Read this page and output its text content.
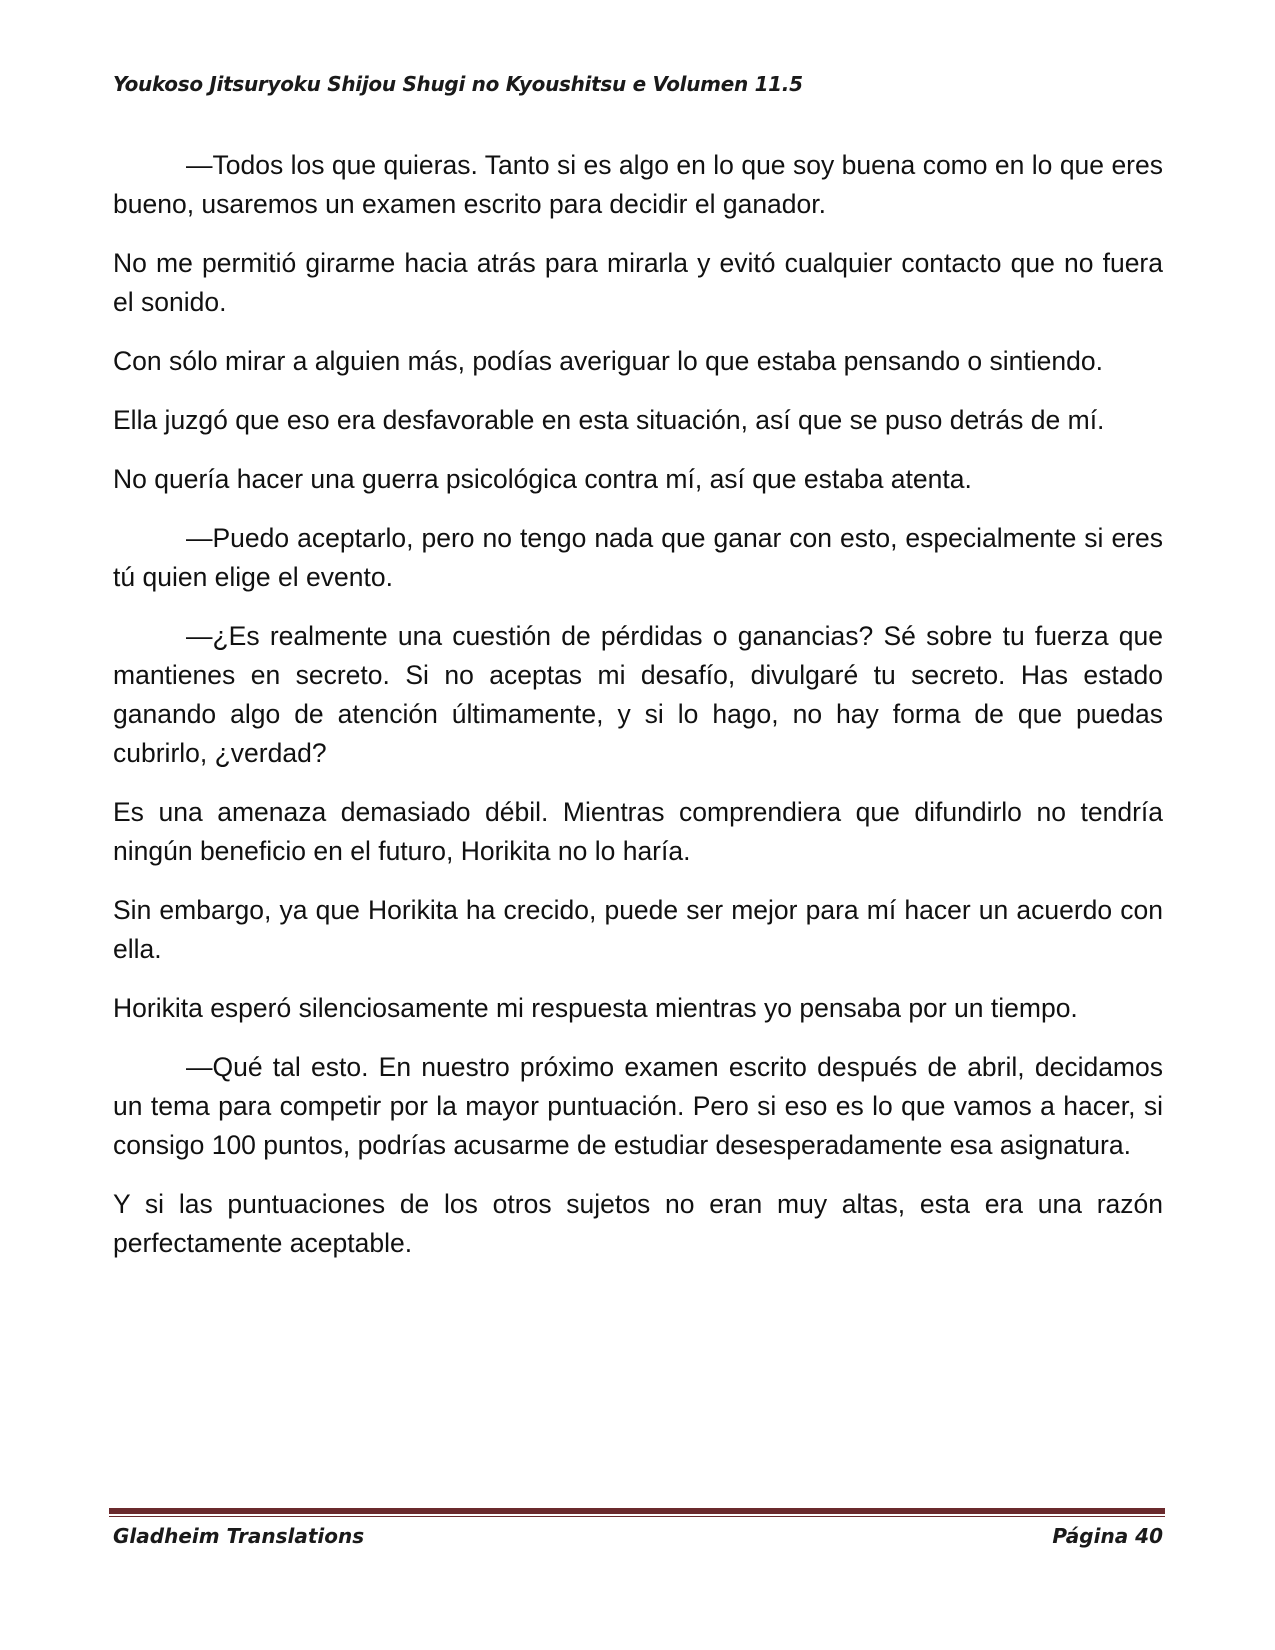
Youkoso Jitsuryoku Shijou Shugi no Kyoushitsu e Volumen 11.5

—Todos los que quieras. Tanto si es algo en lo que soy buena como en lo que eres bueno, usaremos un examen escrito para decidir el ganador.

No me permitió girarme hacia atrás para mirarla y evitó cualquier contacto que no fuera el sonido.

Con sólo mirar a alguien más, podías averiguar lo que estaba pensando o sintiendo.

Ella juzgó que eso era desfavorable en esta situación, así que se puso detrás de mí.

No quería hacer una guerra psicológica contra mí, así que estaba atenta.

—Puedo aceptarlo, pero no tengo nada que ganar con esto, especialmente si eres tú quien elige el evento.

—¿Es realmente una cuestión de pérdidas o ganancias? Sé sobre tu fuerza que mantienes en secreto. Si no aceptas mi desafío, divulgaré tu secreto. Has estado ganando algo de atención últimamente, y si lo hago, no hay forma de que puedas cubrirlo, ¿verdad?

Es una amenaza demasiado débil. Mientras comprendiera que difundirlo no tendría ningún beneficio en el futuro, Horikita no lo haría.

Sin embargo, ya que Horikita ha crecido, puede ser mejor para mí hacer un acuerdo con ella.

Horikita esperó silenciosamente mi respuesta mientras yo pensaba por un tiempo.

—Qué tal esto. En nuestro próximo examen escrito después de abril, decidamos un tema para competir por la mayor puntuación. Pero si eso es lo que vamos a hacer, si consigo 100 puntos, podrías acusarme de estudiar desesperadamente esa asignatura.

Y si las puntuaciones de los otros sujetos no eran muy altas, esta era una razón perfectamente aceptable.

Gladheim Translations	Página 40
